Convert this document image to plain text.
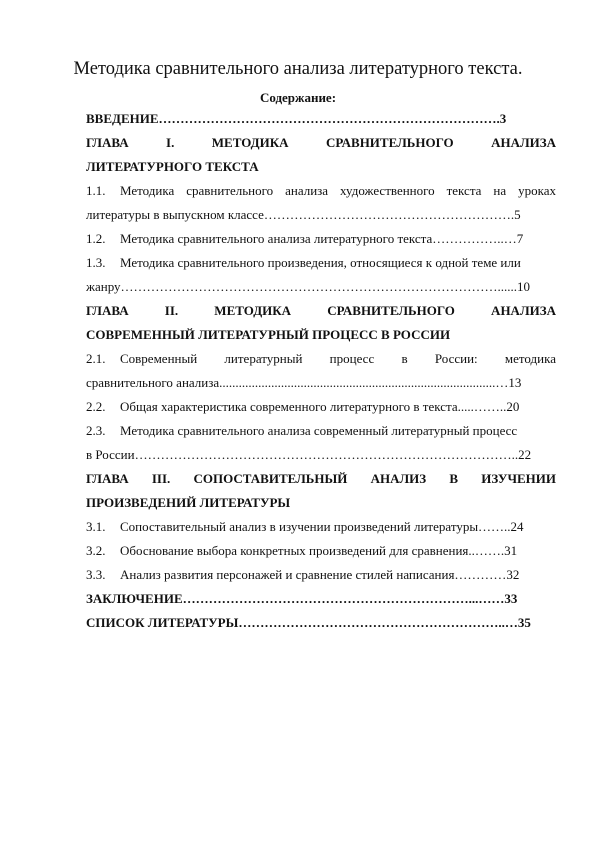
Методика сравнительного анализа литературного текста.
Содержание:
ВВЕДЕНИЕ…………………………………………………………………….3
ГЛАВА I. МЕТОДИКА СРАВНИТЕЛЬНОГО АНАЛИЗА
ЛИТЕРАТУРНОГО ТЕКСТА
1.1. Методика сравнительного анализа художественного текста на уроках
литературы в выпускном классе………………………………………………….5
1.2. Методика сравнительного анализа литературного текста……………..…7
1.3. Методика сравнительного произведения, относящиеся к одной теме или
жанру……………………………………………………………………………......10
ГЛАВА II. МЕТОДИКА СРАВНИТЕЛЬНОГО АНАЛИЗА
СОВРЕМЕННЫЙ ЛИТЕРАТУРНЫЙ ПРОЦЕСС В РОССИИ
2.1. Современный литературный процесс в России: методика
сравнительного анализа.....................................................................................…13
2.2. Общая характеристика современного литературного в текста.....……..20
2.3. Методика сравнительного анализа современный литературный процесс
в России……………………………………………………………………………..22
ГЛАВА III. СОПОСТАВИТЕЛЬНЫЙ АНАЛИЗ В ИЗУЧЕНИИ
ПРОИЗВЕДЕНИЙ ЛИТЕРАТУРЫ
3.1. Сопоставительный анализ в изучении произведений литературы……..24
3.2. Обоснование выбора конкретных произведений для сравнения..…….31
3.3. Анализ развития персонажей и сравнение стилей написания…………32
ЗАКЛЮЧЕНИЕ…………………………………………………………...……33
СПИСОК ЛИТЕРАТУРЫ……………………………………………………..…35
